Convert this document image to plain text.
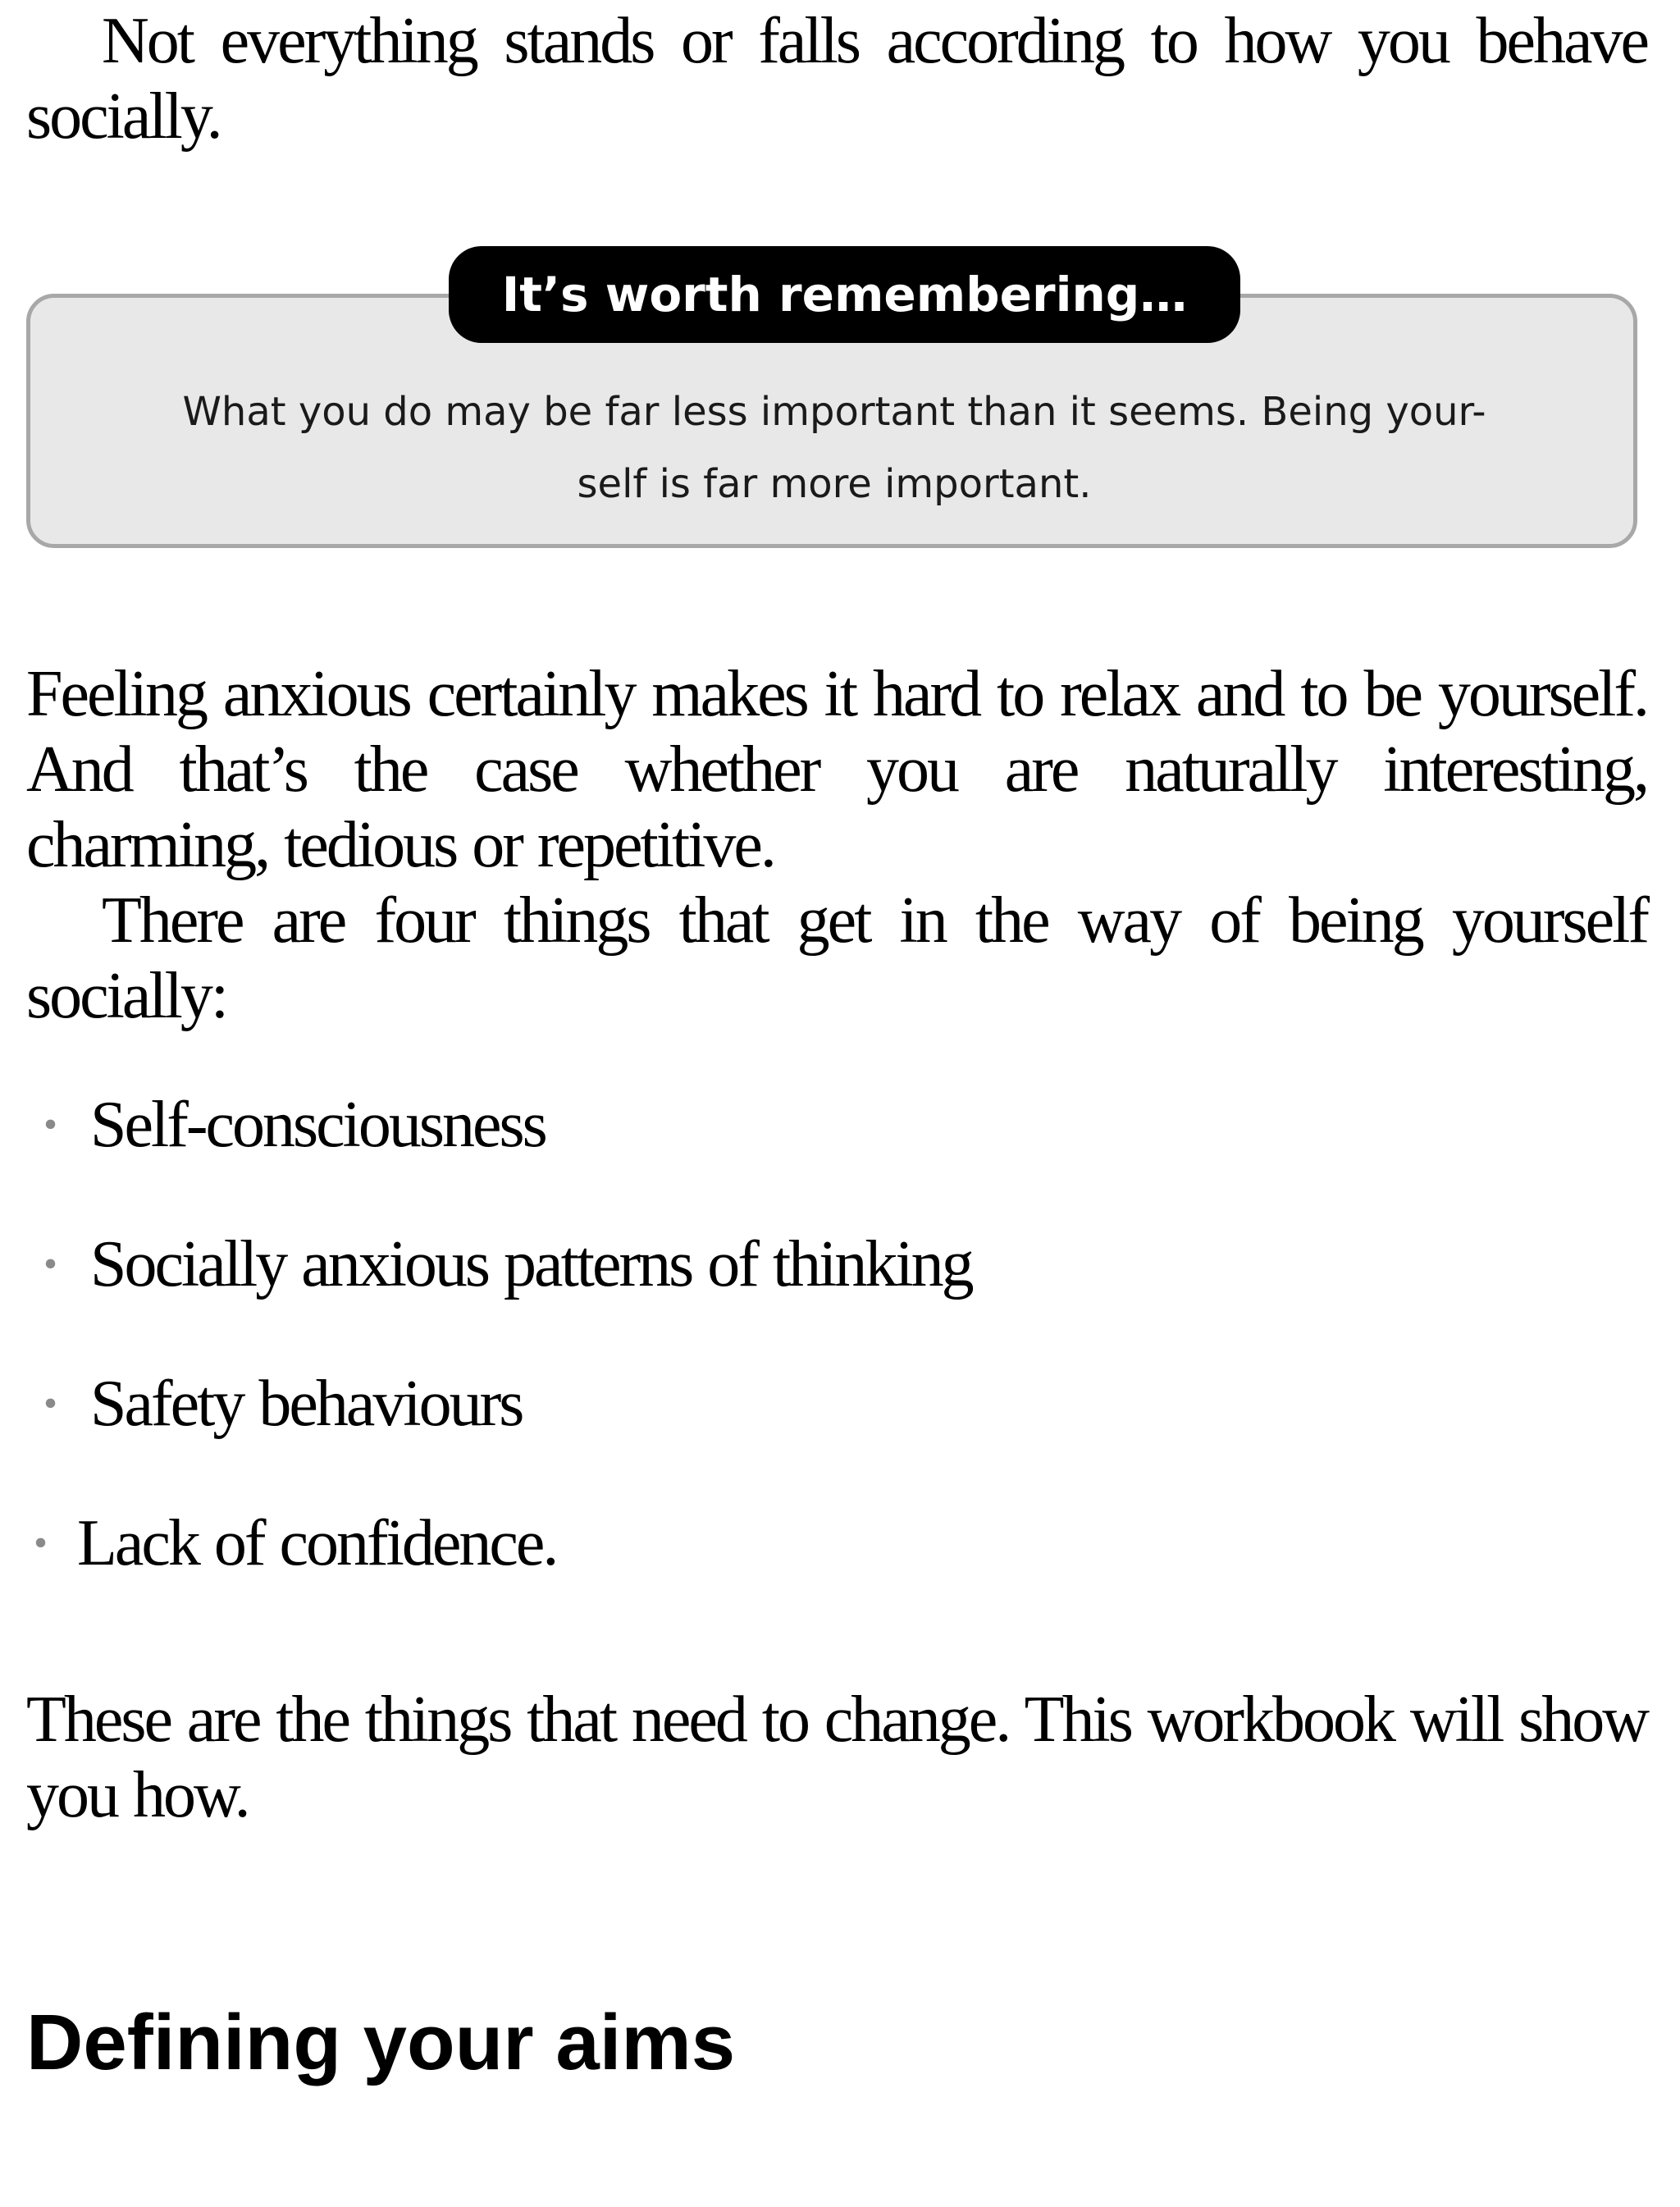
Not everything stands or falls according to how you behave socially.

It’s worth remembering…
What you do may be far less important than it seems. Being your-
self is far more important.

Feeling anxious certainly makes it hard to relax and to be yourself. And that’s the case whether you are naturally interesting, charming, tedious or repetitive.

There are four things that get in the way of being yourself socially:

• Self-consciousness
• Socially anxious patterns of thinking
• Safety behaviours
• Lack of confidence.

These are the things that need to change. This workbook will show you how.

Defining your aims
